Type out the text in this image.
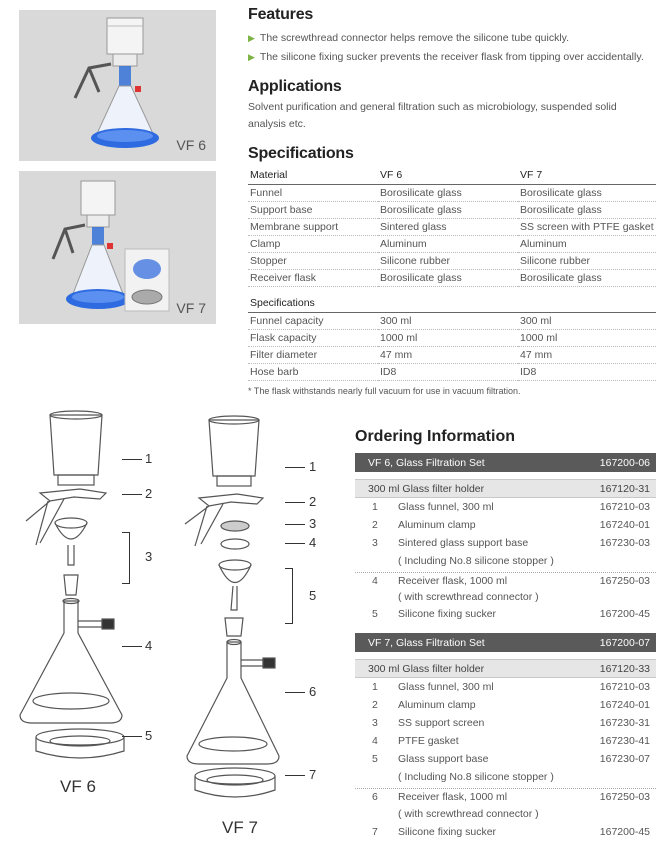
VF 6
VF 7
Features
▶ The screwthread connector helps remove the silicone tube quickly.
▶ The silicone fixing sucker prevents the receiver flask from tipping over accidentally.
Applications
Solvent purification and general filtration such as microbiology, suspended solid analysis etc.
Specifications
Material	VF 6	VF 7
Funnel	Borosilicate glass	Borosilicate glass
Support base	Borosilicate glass	Borosilicate glass
Membrane support	Sintered glass	SS screen with PTFE gasket
Clamp	Aluminum	Aluminum
Stopper	Silicone rubber	Silicone rubber
Receiver flask	Borosilicate glass	Borosilicate glass
Specifications		
Funnel capacity	300 ml	300 ml
Flask capacity	1000 ml	1000 ml
Filter diameter	47 mm	47 mm
Hose barb	ID8	ID8
* The flask withstands nearly full vacuum for use in vacuum filtration.
1
2
3
4
5
VF 6
1
2
3
4
5
6
7
VF 7
Ordering Information
VF 6, Glass Filtration Set	167200-06
300 ml Glass filter holder	167120-31
1	Glass funnel, 300 ml	167210-03
2	Aluminum clamp	167240-01
3	Sintered glass support base	167230-03
( Including No.8 silicone stopper )
4	Receiver flask, 1000 ml	167250-03
( with screwthread connector )
5	Silicone fixing sucker	167200-45
VF 7, Glass Filtration Set	167200-07
300 ml Glass filter holder	167120-33
1	Glass funnel, 300 ml	167210-03
2	Aluminum clamp	167240-01
3	SS support screen	167230-31
4	PTFE gasket	167230-41
5	Glass support base	167230-07
( Including No.8 silicone stopper )
6	Receiver flask, 1000 ml	167250-03
( with screwthread connector )
7	Silicone fixing sucker	167200-45
